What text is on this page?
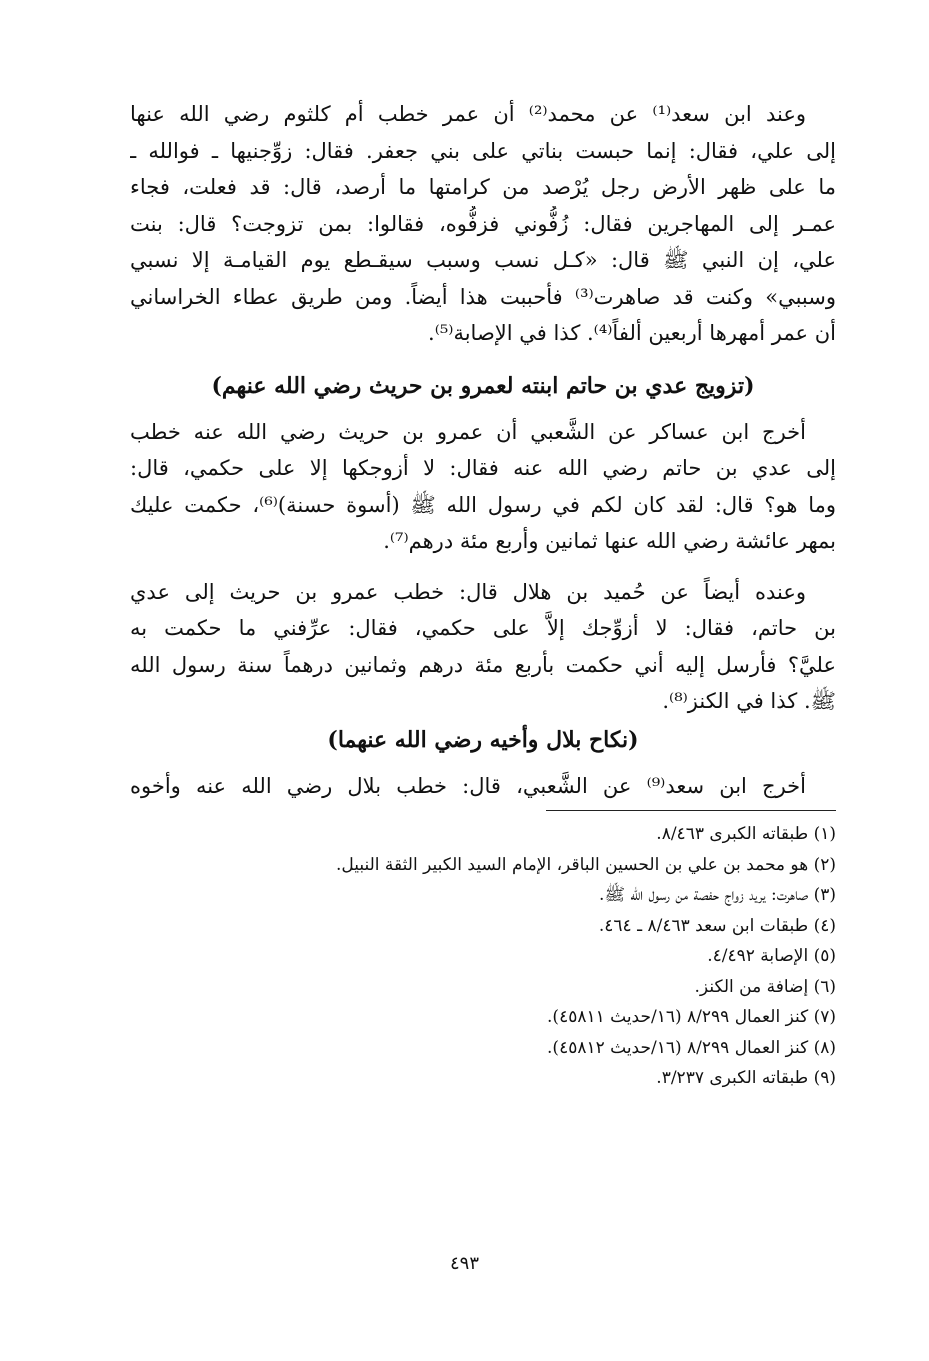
وعند ابن سعد⁽¹⁾ عن محمد⁽²⁾ أن عمر خطب أم كلثوم رضي الله عنها
إلى علي، فقال: إنما حبست بناتي على بني جعفر. فقال: زوِّجنيها ـ فوالله ـ
ما على ظهر الأرض رجل يُرْصد من كرامتها ما أرصد، قال: قد فعلت، فجاء
عمـر إلى المهاجرين فقال: زُفُّوني فزفُّوه، فقالوا: بمن تزوجت؟ قال: بنت
علي، إن النبي ﷺ قال: «كـل نسب وسبب سيقـطع يوم القيامـة إلا نسبي
وسببي» وكنت قد صاهرت⁽³⁾ فأحببت هذا أيضاً. ومن طريق عطاء الخراساني
أن عمر أمهرها أربعين ألفاً⁽⁴⁾. كذا في الإصابة⁽⁵⁾.
(تزويج عدي بن حاتم ابنته لعمرو بن حريث رضي الله عنهم)
أخرج ابن عساكر عن الشَّعبي أن عمرو بن حريث رضي الله عنه خطب
إلى عدي بن حاتم رضي الله عنه فقال: لا أزوجكها إلا على حكمي، قال:
وما هو؟ قال: لقد كان لكم في رسول الله ﷺ (أسوة حسنة)⁽⁶⁾، حكمت عليك
بمهر عائشة رضي الله عنها ثمانين وأربع مئة درهم⁽⁷⁾.
وعنده أيضاً عن حُميد بن هلال قال: خطب عمرو بن حريث إلى عدي
بن حاتم، فقال: لا أزوِّجك إلاَّ على حكمي، فقال: عرِّفني ما حكمت به
عليَّ؟ فأرسل إليه أني حكمت بأربع مئة درهم وثمانين درهماً سنة رسول الله
ﷺ. كذا في الكنز⁽⁸⁾.
(نكاح بلال وأخيه رضي الله عنهما)
أخرج ابن سعد⁽⁹⁾ عن الشَّعبي، قال: خطب بلال رضي الله عنه وأخوه
(١) طبقاته الكبرى ٨/٤٦٣.
(٢) هو محمد بن علي بن الحسين الباقر، الإمام السيد الكبير الثقة النبيل.
(٣) صاهرت: يريد زواج حفصة من رسول الله ﷺ.
(٤) طبقات ابن سعد ٨/٤٦٣ ـ ٤٦٤.
(٥) الإصابة ٤/٤٩٢.
(٦) إضافة من الكنز.
(٧) كنز العمال ٨/٢٩٩ (١٦/حديث ٤٥٨١١).
(٨) كنز العمال ٨/٢٩٩ (١٦/حديث ٤٥٨١٢).
(٩) طبقاته الكبرى ٣/٢٣٧.
٤٩٣
